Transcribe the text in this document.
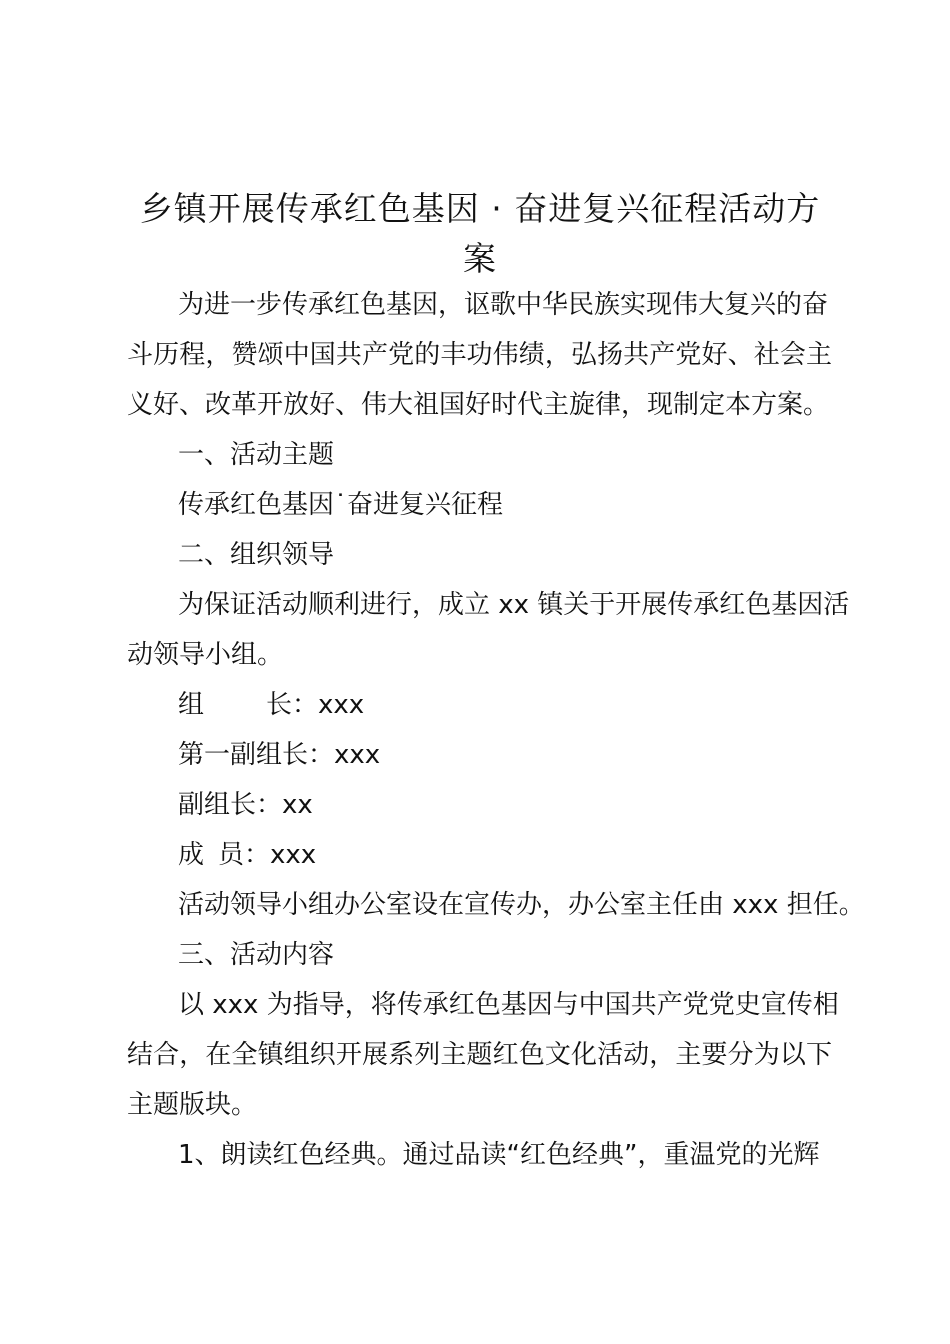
乡镇开展传承红色基因 · 奋进复兴征程活动方
案
为进一步传承红色基因，讴歌中华民族实现伟大复兴的奋
斗历程，赞颂中国共产党的丰功伟绩，弘扬共产党好、社会主
义好、改革开放好、伟大祖国好时代主旋律，现制定本方案。
一、活动主题
传承红色基因˙奋进复兴征程
二、组织领导
为保证活动顺利进行，成立 xx 镇关于开展传承红色基因活
动领导小组。
组 长：xxx
第一副组长：xxx
副组长：xx
成 员：xxx
活动领导小组办公室设在宣传办，办公室主任由 xxx 担任。
三、活动内容
以 xxx 为指导，将传承红色基因与中国共产党党史宣传相
结合，在全镇组织开展系列主题红色文化活动，主要分为以下
主题版块。
1、朗读红色经典。通过品读“红色经典”，重温党的光辉
